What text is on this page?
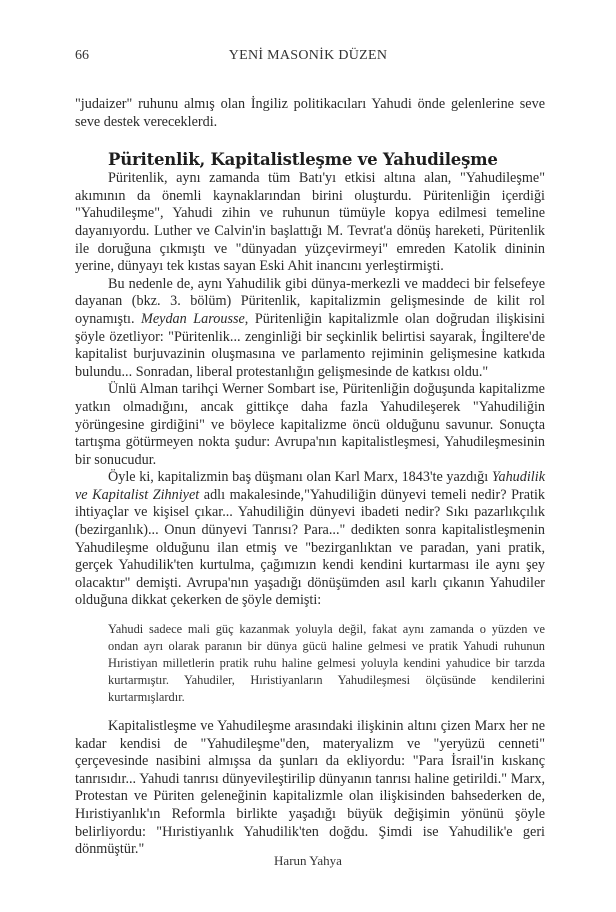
66	YENİ MASONİK DÜZEN

"judaizer" ruhunu almış olan İngiliz politikacıları Yahudi önde gelenlerine seve seve destek vereceklerdi.

Püritenlik, Kapitalistleşme ve Yahudileşme

Püritenlik, aynı zamanda tüm Batı'yı etkisi altına alan, "Yahudileşme" akımının da önemli kaynaklarından birini oluşturdu. Püritenliğin içerdiği "Yahudileşme", Yahudi zihin ve ruhunun tümüyle kopya edilmesi temeline dayanıyordu. Luther ve Calvin'in başlattığı M. Tevrat'a dönüş hareketi, Püritenlik ile doruğuna çıkmıştı ve "dünyadan yüzçevirmeyi" emreden Katolik dininin yerine, dünyayı tek kıstas sayan Eski Ahit inancını yerleştirmişti.

Bu nedenle de, aynı Yahudilik gibi dünya-merkezli ve maddeci bir felsefeye dayanan (bkz. 3. bölüm) Püritenlik, kapitalizmin gelişmesinde de kilit rol oynamıştı. Meydan Larousse, Püritenliğin kapitalizmle olan doğrudan ilişkisini şöyle özetliyor: "Püritenlik... zenginliği bir seçkinlik belirtisi sayarak, İngiltere'de kapitalist burjuvazinin oluşmasına ve parlamento rejiminin gelişmesine katkıda bulundu... Sonradan, liberal protestanlığın gelişmesinde de katkısı oldu."

Ünlü Alman tarihçi Werner Sombart ise, Püritenliğin doğuşunda kapitalizme yatkın olmadığını, ancak gittikçe daha fazla Yahudileşerek "Yahudiliğin yörüngesine girdiğini" ve böylece kapitalizme öncü olduğunu savunur. Sonuçta tartışma götürmeyen nokta şudur: Avrupa'nın kapitalistleşmesi, Yahudileşmesinin bir sonucudur.

Öyle ki, kapitalizmin baş düşmanı olan Karl Marx, 1843'te yazdığı Yahudilik ve Kapitalist Zihniyet adlı makalesinde,"Yahudiliğin dünyevi temeli nedir? Pratik ihtiyaçlar ve kişisel çıkar... Yahudiliğin dünyevi ibadeti nedir? Sıkı pazarlıkçılık (bezirganlık)... Onun dünyevi Tanrısı? Para..." dedikten sonra kapitalistleşmenin Yahudileşme olduğunu ilan etmiş ve "bezirganlıktan ve paradan, yani pratik, gerçek Yahudilik'ten kurtulma, çağımızın kendi kendini kurtarması ile aynı şey olacaktır" demişti. Avrupa'nın yaşadığı dönüşümden asıl karlı çıkanın Yahudiler olduğuna dikkat çekerken de şöyle demişti:

Yahudi sadece mali güç kazanmak yoluyla değil, fakat aynı zamanda o yüzden ve ondan ayrı olarak paranın bir dünya gücü haline gelmesi ve pratik Yahudi ruhunun Hıristiyan milletlerin pratik ruhu haline gelmesi yoluyla kendini yahudice bir tarzda kurtarmıştır. Yahudiler, Hıristiyanların Yahudileşmesi ölçüsünde kendilerini kurtarmışlardır.

Kapitalistleşme ve Yahudileşme arasındaki ilişkinin altını çizen Marx her ne kadar kendisi de "Yahudileşme"den, materyalizm ve "yeryüzü cenneti" çerçevesinde nasibini almışsa da şunları da ekliyordu: "Para İsrail'in kıskanç tanrısıdır... Yahudi tanrısı dünyevileştirilip dünyanın tanrısı haline getirildi." Marx, Protestan ve Püriten geleneğinin kapitalizmle olan ilişkisinden bahsederken de, Hıristiyanlık'ın Reformla birlikte yaşadığı büyük değişimin yönünü şöyle belirliyordu: "Hıristiyanlık Yahudilik'ten doğdu. Şimdi ise Yahudilik'e geri dönmüştür."

Harun Yahya
